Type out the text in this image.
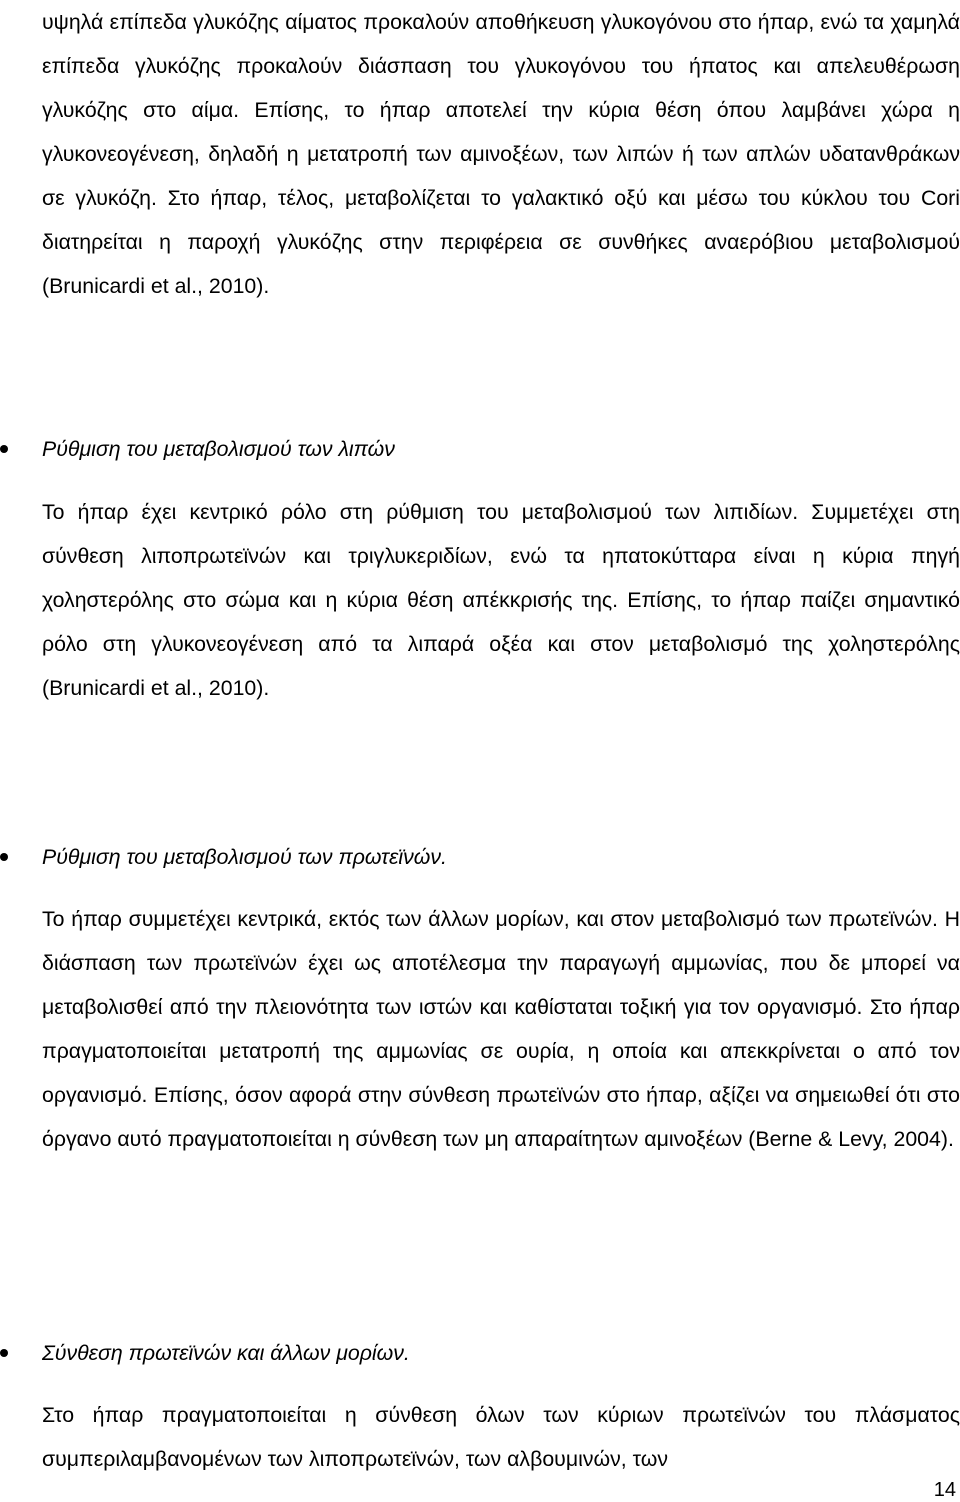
υψηλά επίπεδα γλυκόζης αίματος προκαλούν αποθήκευση γλυκογόνου στο ήπαρ, ενώ τα χαμηλά επίπεδα γλυκόζης προκαλούν διάσπαση του γλυκογόνου του ήπατος και απελευθέρωση γλυκόζης στο αίμα. Επίσης, το ήπαρ αποτελεί την κύρια θέση όπου λαμβάνει χώρα η γλυκονεογένεση, δηλαδή η μετατροπή των αμινοξέων, των λιπών ή των απλών υδατανθράκων σε γλυκόζη. Στο ήπαρ, τέλος, μεταβολίζεται το γαλακτικό οξύ και μέσω του κύκλου του Cori διατηρείται η παροχή γλυκόζης στην περιφέρεια σε συνθήκες αναερόβιου μεταβολισμού (Brunicardi et al., 2010).

Ρύθμιση του μεταβολισμού των λιπών

Το ήπαρ έχει κεντρικό ρόλο στη ρύθμιση του μεταβολισμού των λιπιδίων. Συμμετέχει στη σύνθεση λιποπρωτεϊνών και τριγλυκεριδίων, ενώ τα ηπατοκύτταρα είναι η κύρια πηγή χοληστερόλης στο σώμα και η κύρια θέση απέκκρισής της. Επίσης, το ήπαρ παίζει σημαντικό ρόλο στη γλυκονεογένεση από τα λιπαρά οξέα και στον μεταβολισμό της χοληστερόλης (Brunicardi et al., 2010).

Ρύθμιση του μεταβολισμού των πρωτεϊνών.

Το ήπαρ συμμετέχει κεντρικά, εκτός των άλλων μορίων, και στον μεταβολισμό των πρωτεϊνών. Η διάσπαση των πρωτεϊνών έχει ως αποτέλεσμα την παραγωγή αμμωνίας, που δε μπορεί να μεταβολισθεί από την πλειονότητα των ιστών και καθίσταται τοξική για τον οργανισμό. Στο ήπαρ πραγματοποιείται μετατροπή της αμμωνίας σε ουρία, η οποία και απεκκρίνεται ο από τον οργανισμό. Επίσης, όσον αφορά στην σύνθεση πρωτεϊνών στο ήπαρ, αξίζει να σημειωθεί ότι στο όργανο αυτό πραγματοποιείται η σύνθεση των μη απαραίτητων αμινοξέων (Berne & Levy, 2004).

Σύνθεση πρωτεϊνών και άλλων μορίων.

Στο ήπαρ πραγματοποιείται η σύνθεση όλων των κύριων πρωτεϊνών του πλάσματος συμπεριλαμβανομένων των λιποπρωτεϊνών, των αλβουμινών, των

14
